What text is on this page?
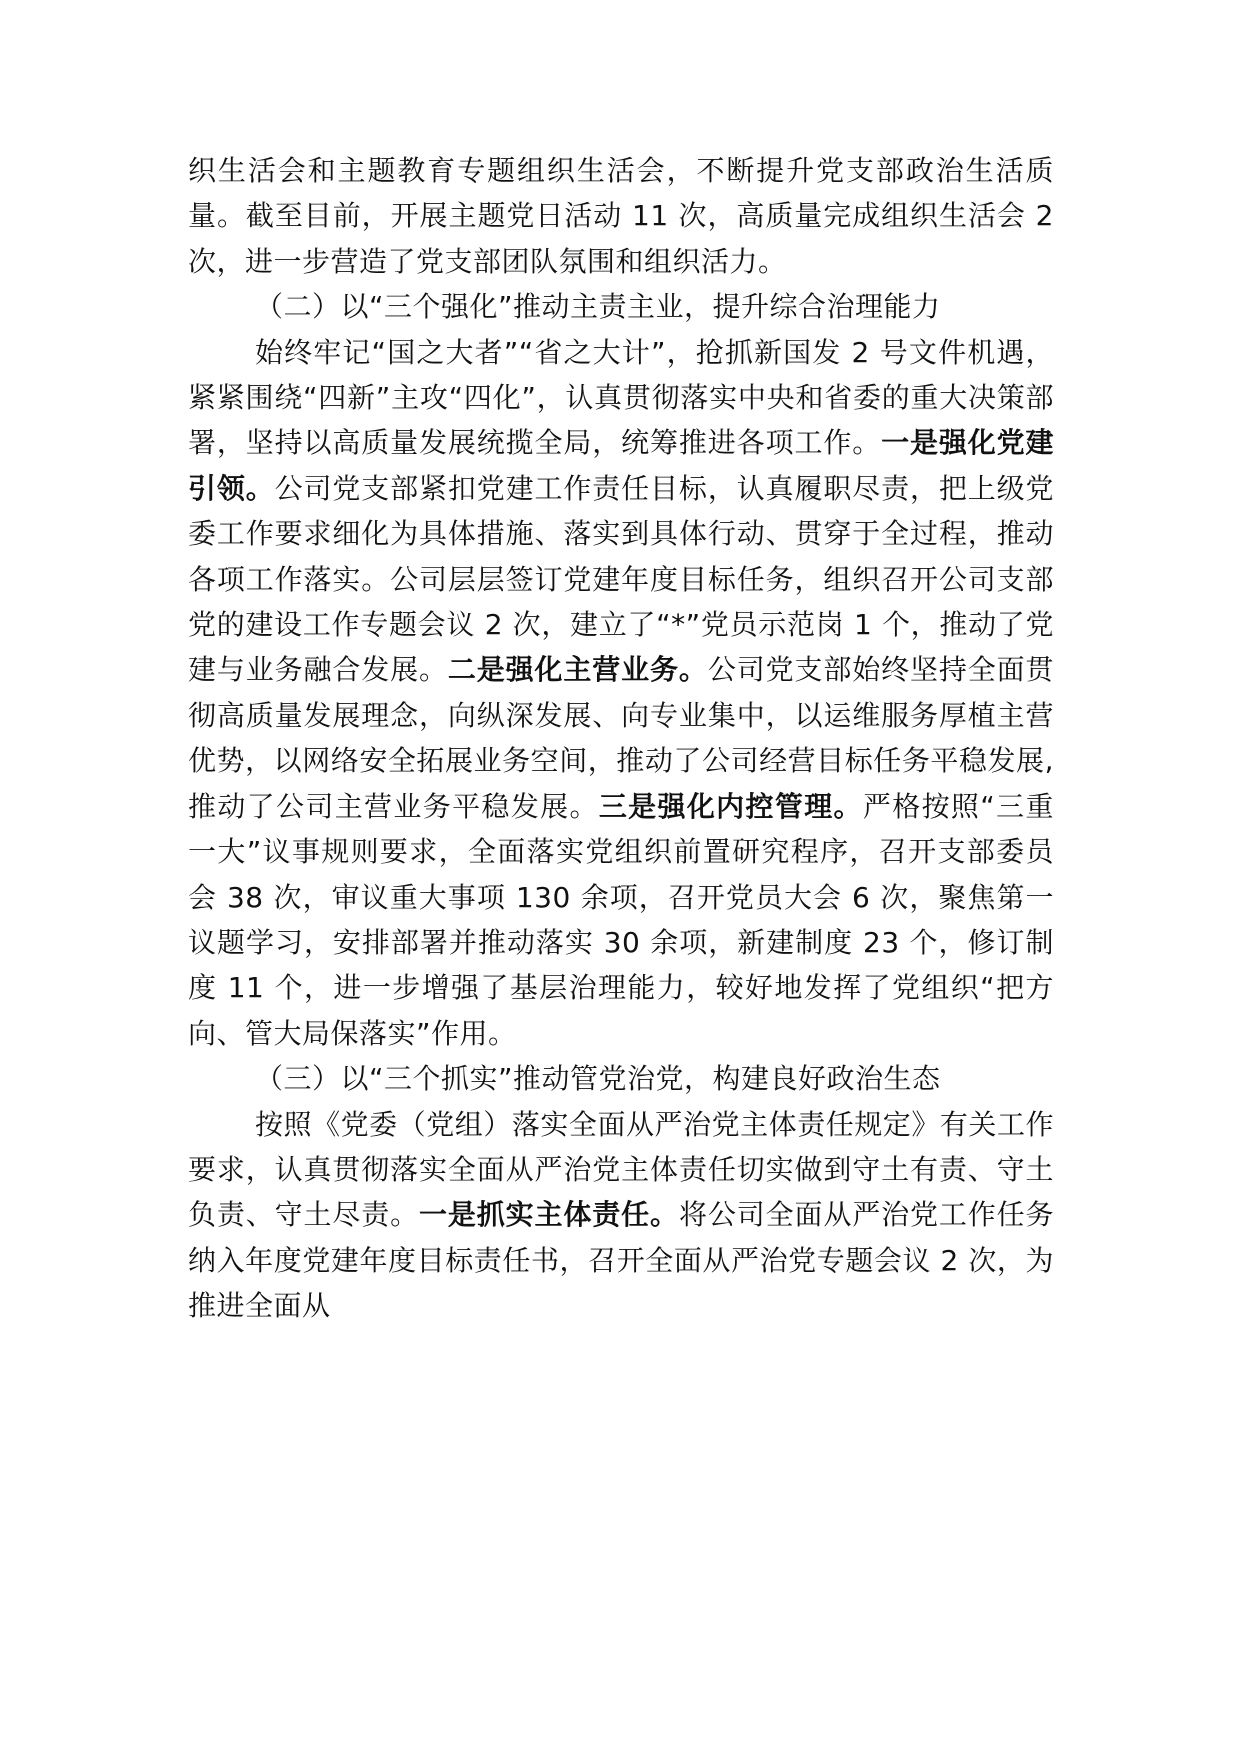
织生活会和主题教育专题组织生活会，不断提升党支部政治生活质量。截至目前，开展主题党日活动 11 次，高质量完成组织生活会 2 次，进一步营造了党支部团队氛围和组织活力。

（二）以“三个强化”推动主责主业，提升综合治理能力

始终牢记“国之大者”“省之大计”，抢抓新国发 2 号文件机遇，紧紧围绕“四新”主攻“四化”，认真贯彻落实中央和省委的重大决策部署，坚持以高质量发展统揽全局，统筹推进各项工作。一是强化党建引领。公司党支部紧扣党建工作责任目标，认真履职尽责，把上级党委工作要求细化为具体措施、落实到具体行动、贯穿于全过程，推动各项工作落实。公司层层签订党建年度目标任务，组织召开公司支部党的建设工作专题会议 2 次，建立了“*”党员示范岗 1 个，推动了党建与业务融合发展。二是强化主营业务。公司党支部始终坚持全面贯彻高质量发展理念，向纵深发展、向专业集中，以运维服务厚植主营优势，以网络安全拓展业务空间，推动了公司经营目标任务平稳发展,推动了公司主营业务平稳发展。三是强化内控管理。严格按照“三重一大”议事规则要求，全面落实党组织前置研究程序，召开支部委员会 38 次，审议重大事项 130 余项，召开党员大会 6 次，聚焦第一议题学习，安排部署并推动落实 30 余项，新建制度 23 个，修订制度 11 个，进一步增强了基层治理能力，较好地发挥了党组织“把方向、管大局保落实”作用。

（三）以“三个抓实”推动管党治党，构建良好政治生态

按照《党委（党组）落实全面从严治党主体责任规定》有关工作要求，认真贯彻落实全面从严治党主体责任切实做到守土有责、守土负责、守土尽责。一是抓实主体责任。将公司全面从严治党工作任务纳入年度党建年度目标责任书，召开全面从严治党专题会议 2 次，为推进全面从
